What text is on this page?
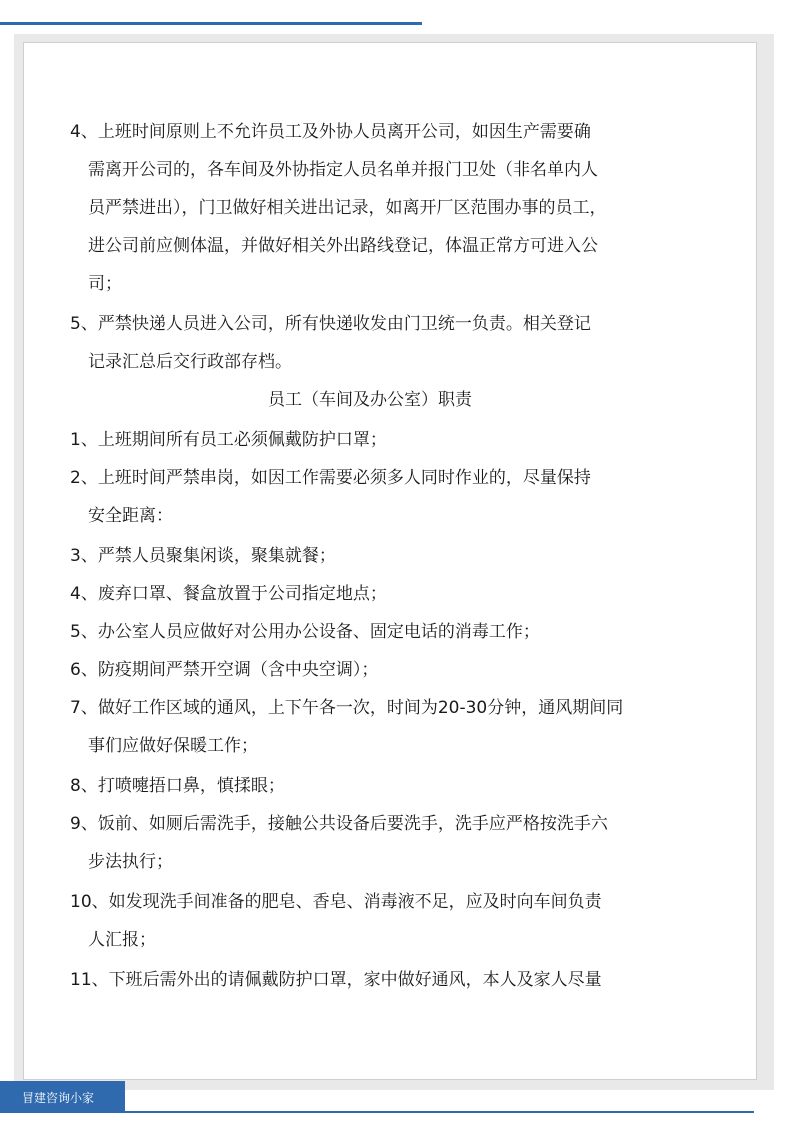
4、上班时间原则上不允许员工及外协人员离开公司，如因生产需要确
需离开公司的，各车间及外协指定人员名单并报门卫处（非名单内人
员严禁进出），门卫做好相关进出记录，如离开厂区范围办事的员工，
进公司前应侧体温，并做好相关外出路线登记，体温正常方可进入公
司；
5、严禁快递人员进入公司，所有快递收发由门卫统一负责。相关登记
记录汇总后交行政部存档。
员工（车间及办公室）职责
1、上班期间所有员工必须佩戴防护口罩；
2、上班时间严禁串岗，如因工作需要必须多人同时作业的，尽量保持
安全距离：
3、严禁人员聚集闲谈，聚集就餐；
4、废弃口罩、餐盒放置于公司指定地点；
5、办公室人员应做好对公用办公设备、固定电话的消毒工作；
6、防疫期间严禁开空调（含中央空调）；
7、做好工作区域的通风，上下午各一次，时间为20-30分钟，通风期间同
事们应做好保暖工作；
8、打喷嚏捂口鼻，慎揉眼；
9、饭前、如厕后需洗手，接触公共设备后要洗手，洗手应严格按洗手六
步法执行；
10、如发现洗手间准备的肥皂、香皂、消毒液不足，应及时向车间负责
人汇报；
11、下班后需外出的请佩戴防护口罩，家中做好通风，本人及家人尽量
冒建咨询小家
